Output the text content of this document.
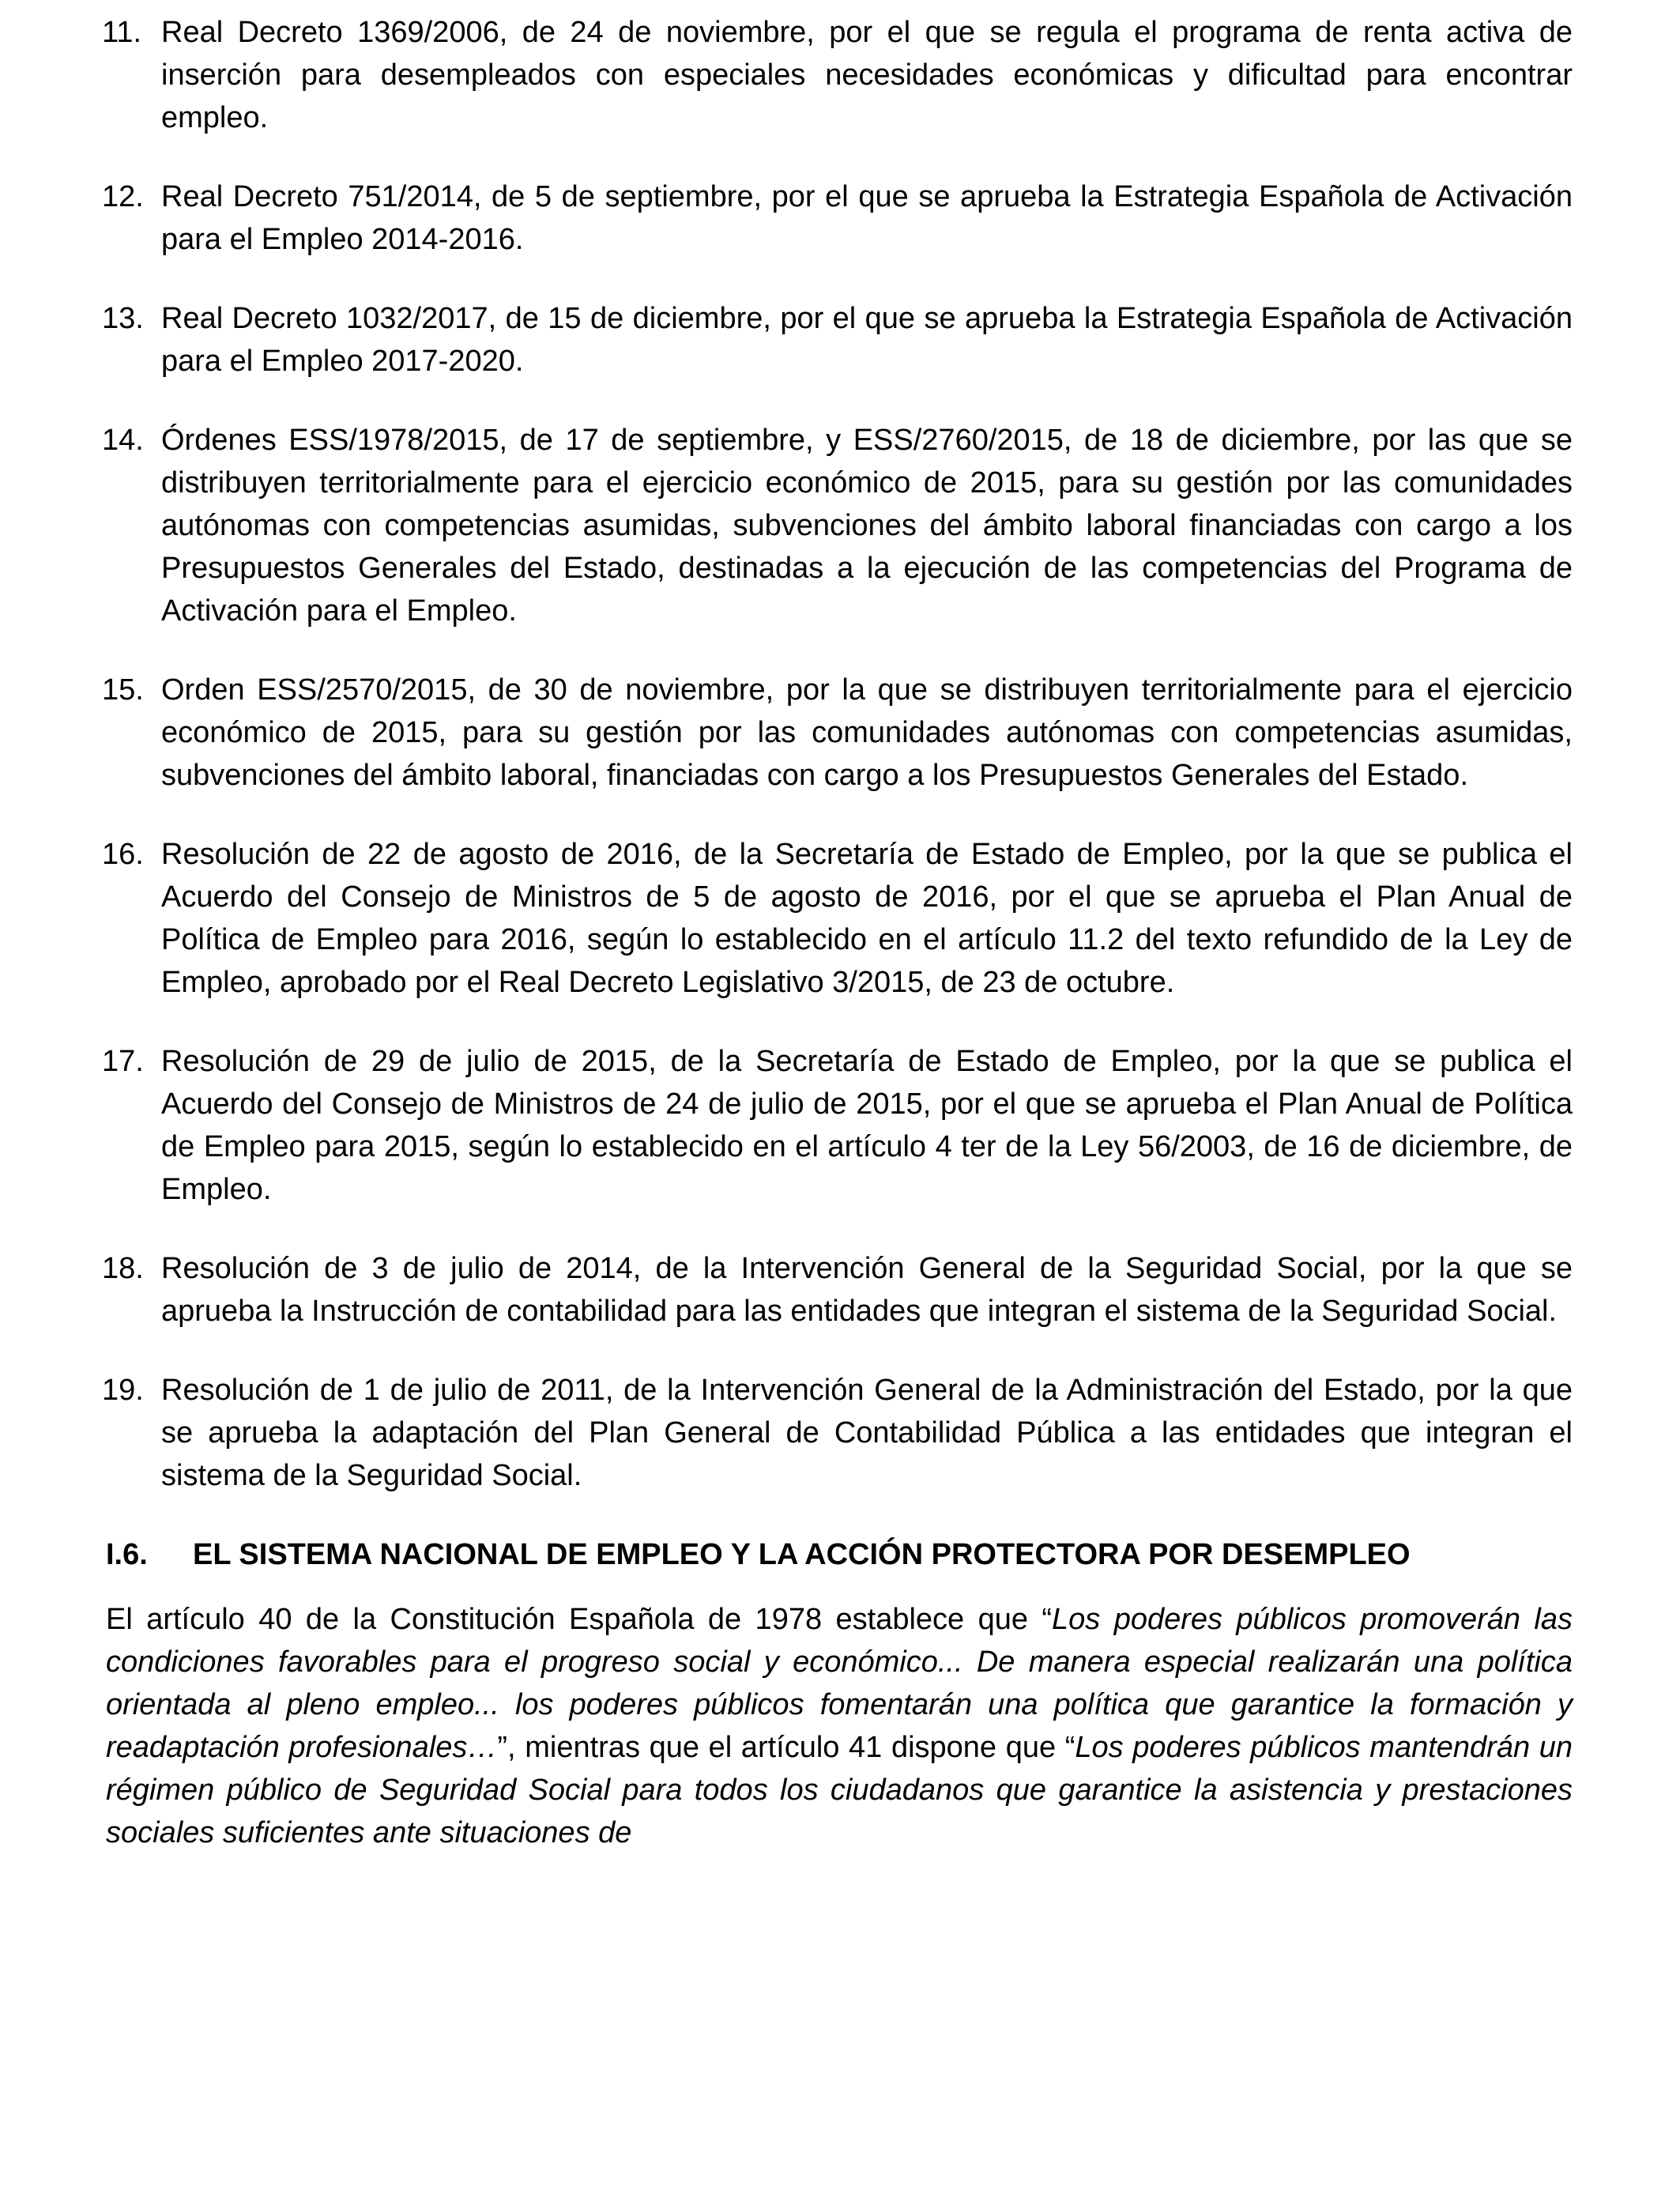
11. Real Decreto 1369/2006, de 24 de noviembre, por el que se regula el programa de renta activa de inserción para desempleados con especiales necesidades económicas y dificultad para encontrar empleo.
12. Real Decreto 751/2014, de 5 de septiembre, por el que se aprueba la Estrategia Española de Activación para el Empleo 2014-2016.
13. Real Decreto 1032/2017, de 15 de diciembre, por el que se aprueba la Estrategia Española de Activación para el Empleo 2017-2020.
14. Órdenes ESS/1978/2015, de 17 de septiembre, y ESS/2760/2015, de 18 de diciembre, por las que se distribuyen territorialmente para el ejercicio económico de 2015, para su gestión por las comunidades autónomas con competencias asumidas, subvenciones del ámbito laboral financiadas con cargo a los Presupuestos Generales del Estado, destinadas a la ejecución de las competencias del Programa de Activación para el Empleo.
15. Orden ESS/2570/2015, de 30 de noviembre, por la que se distribuyen territorialmente para el ejercicio económico de 2015, para su gestión por las comunidades autónomas con competencias asumidas, subvenciones del ámbito laboral, financiadas con cargo a los Presupuestos Generales del Estado.
16. Resolución de 22 de agosto de 2016, de la Secretaría de Estado de Empleo, por la que se publica el Acuerdo del Consejo de Ministros de 5 de agosto de 2016, por el que se aprueba el Plan Anual de Política de Empleo para 2016, según lo establecido en el artículo 11.2 del texto refundido de la Ley de Empleo, aprobado por el Real Decreto Legislativo 3/2015, de 23 de octubre.
17. Resolución de 29 de julio de 2015, de la Secretaría de Estado de Empleo, por la que se publica el Acuerdo del Consejo de Ministros de 24 de julio de 2015, por el que se aprueba el Plan Anual de Política de Empleo para 2015, según lo establecido en el artículo 4 ter de la Ley 56/2003, de 16 de diciembre, de Empleo.
18. Resolución de 3 de julio de 2014, de la Intervención General de la Seguridad Social, por la que se aprueba la Instrucción de contabilidad para las entidades que integran el sistema de la Seguridad Social.
19. Resolución de 1 de julio de 2011, de la Intervención General de la Administración del Estado, por la que se aprueba la adaptación del Plan General de Contabilidad Pública a las entidades que integran el sistema de la Seguridad Social.
I.6.	EL SISTEMA NACIONAL DE EMPLEO Y LA ACCIÓN PROTECTORA POR DESEMPLEO

El artículo 40 de la Constitución Española de 1978 establece que “Los poderes públicos promoverán las condiciones favorables para el progreso social y económico... De manera especial realizarán una política orientada al pleno empleo... los poderes públicos fomentarán una política que garantice la formación y readaptación profesionales…”, mientras que el artículo 41 dispone que “Los poderes públicos mantendrán un régimen público de Seguridad Social para todos los ciudadanos que garantice la asistencia y prestaciones sociales suficientes ante situaciones de
